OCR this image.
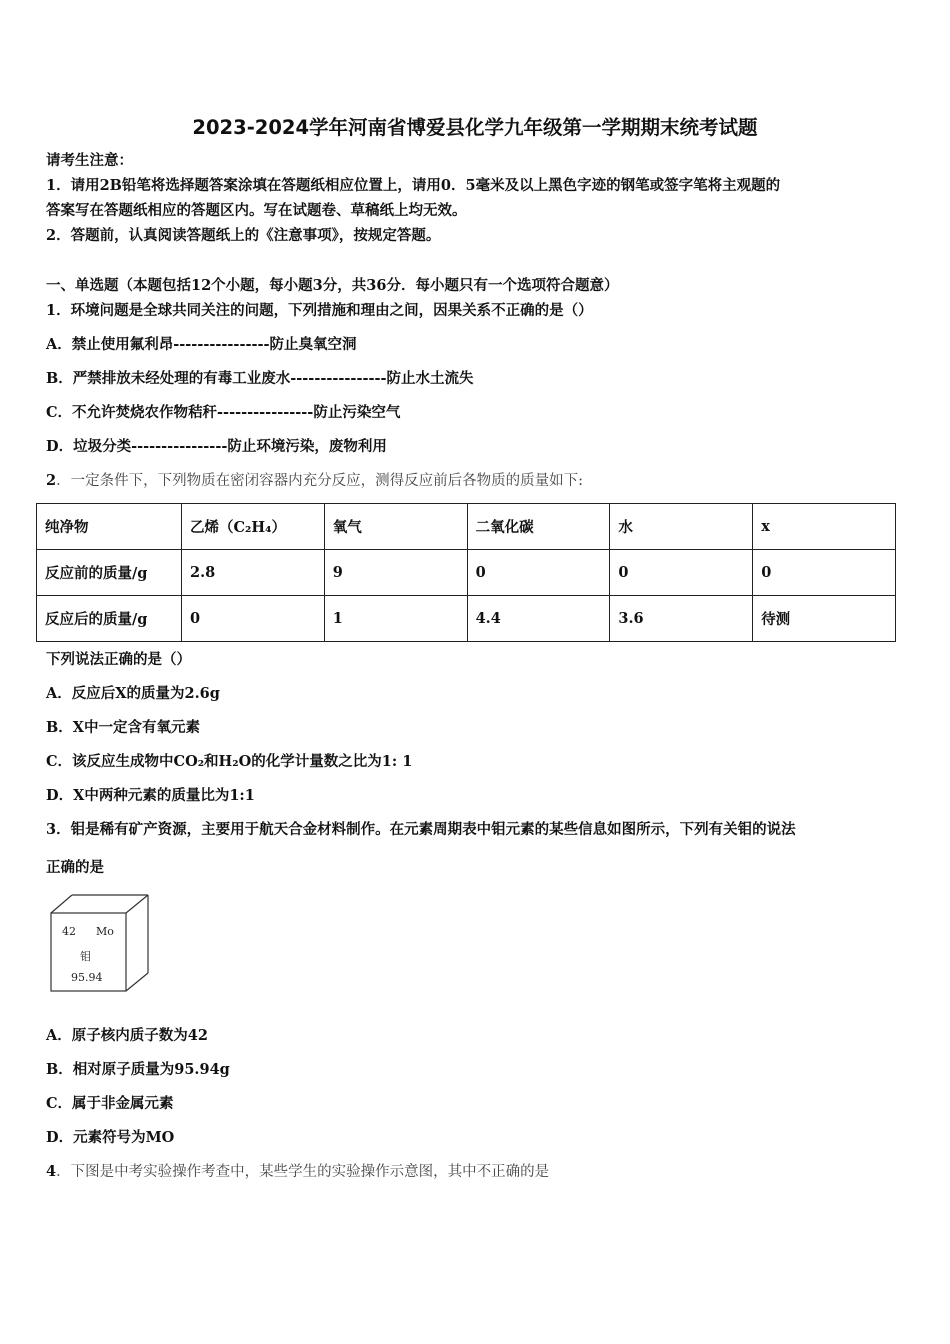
2023-2024学年河南省博爱县化学九年级第一学期期末统考试题
请考生注意：
1．请用2B铅笔将选择题答案涂填在答题纸相应位置上，请用0．5毫米及以上黑色字迹的钢笔或签字笔将主观题的
答案写在答题纸相应的答题区内。写在试题卷、草稿纸上均无效。
2．答题前，认真阅读答题纸上的《注意事项》，按规定答题。
一、单选题（本题包括12个小题，每小题3分，共36分．每小题只有一个选项符合题意）
1．环境问题是全球共同关注的问题，下列措施和理由之间，因果关系不正确的是（）
A．禁止使用氟利昂----------------防止臭氧空洞
B．严禁排放未经处理的有毒工业废水----------------防止水土流失
C．不允许焚烧农作物秸秆----------------防止污染空气
D．垃圾分类----------------防止环境污染，废物利用
2．一定条件下，下列物质在密闭容器内充分反应，测得反应前后各物质的质量如下:
纯净物	乙烯（C₂H₄）	氧气	二氧化碳	水	x
反应前的质量/g	2.8	9	0	0	0
反应后的质量/g	0	1	4.4	3.6	待测
下列说法正确的是（）
A．反应后X的质量为2.6g
B．X中一定含有氧元素
C．该反应生成物中CO₂和H₂O的化学计量数之比为1: 1
D．X中两种元素的质量比为1:1
3．钼是稀有矿产资源，主要用于航天合金材料制作。在元素周期表中钼元素的某些信息如图所示，下列有关钼的说法
正确的是
42 Mo
钼
95.94
A．原子核内质子数为42
B．相对原子质量为95.94g
C．属于非金属元素
D．元素符号为MO
4．下图是中考实验操作考查中，某些学生的实验操作示意图，其中不正确的是
